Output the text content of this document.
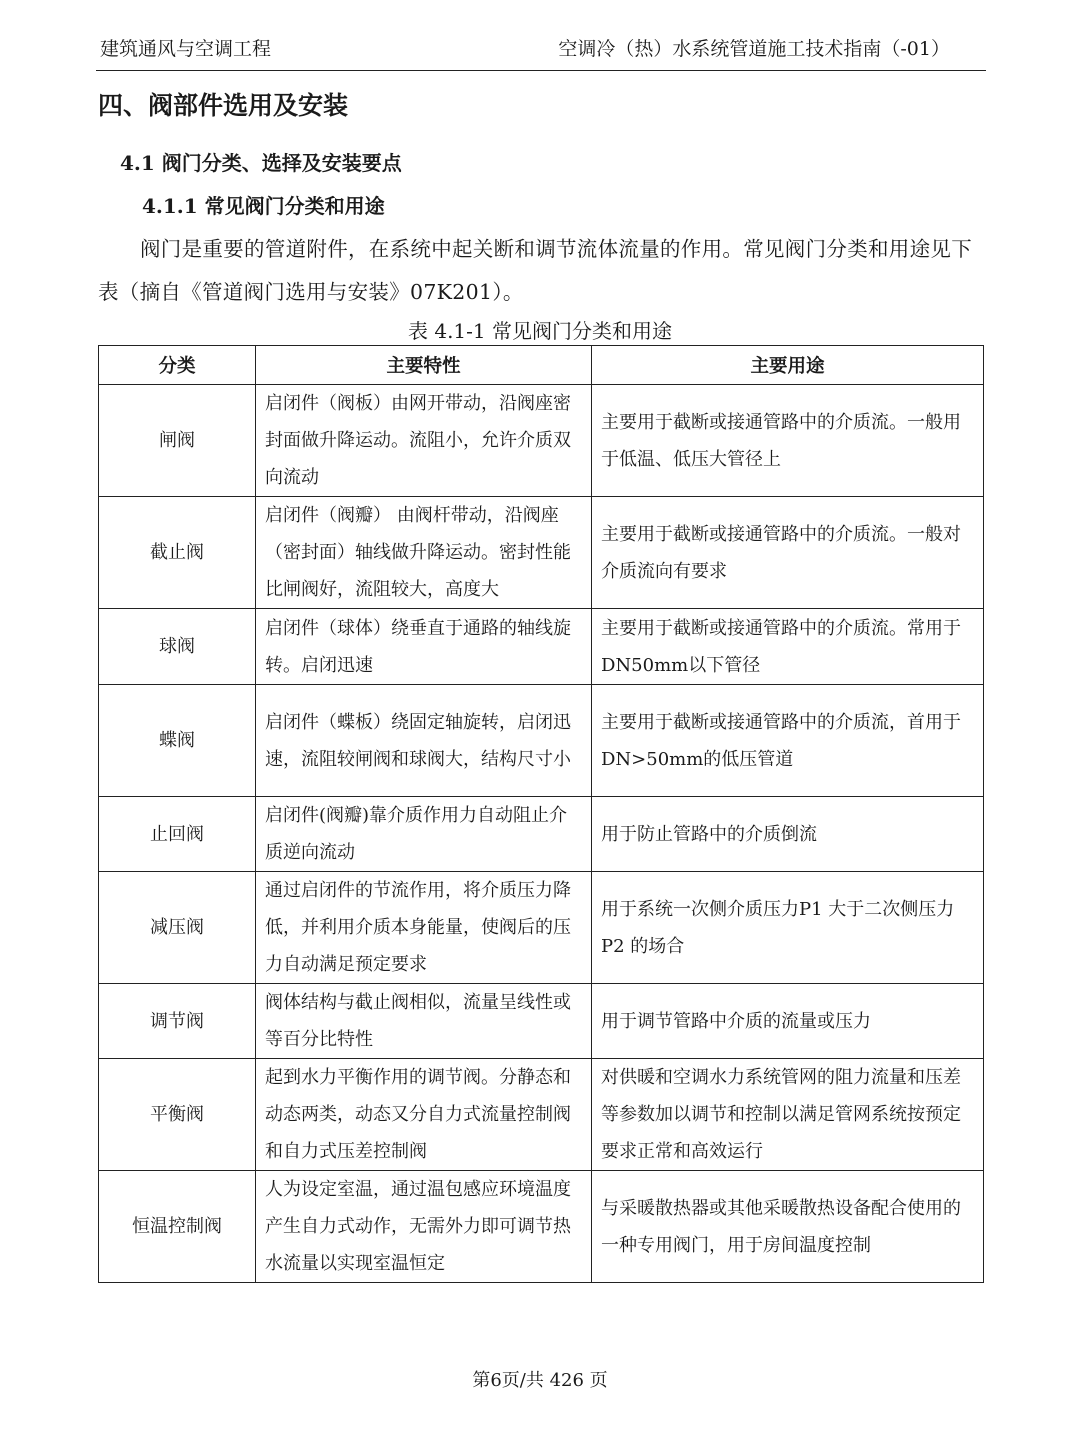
建筑通风与空调工程	空调冷（热）水系统管道施工技术指南（-01）
四、阀部件选用及安装
4.1 阀门分类、选择及安装要点
4.1.1 常见阀门分类和用途

阀门是重要的管道附件，在系统中起关断和调节流体流量的作用。常见阀门分类和用途见下表（摘自《管道阀门选用与安装》07K201）。

表 4.1-1 常见阀门分类和用途
分类	主要特性	主要用途
闸阀	启闭件（阀板）由网开带动，沿阀座密封面做升降运动。流阻小，允许介质双向流动	主要用于截断或接通管路中的介质流。一般用于低温、低压大管径上
截止阀	启闭件（阀瓣） 由阀杆带动，沿阀座（密封面）轴线做升降运动。密封性能比闸阀好，流阻较大，高度大	主要用于截断或接通管路中的介质流。一般对介质流向有要求
球阀	启闭件（球体）绕垂直于通路的轴线旋转。启闭迅速	主要用于截断或接通管路中的介质流。常用于DN50mm以下管径
蝶阀	启闭件（蝶板）绕固定轴旋转，启闭迅速，流阻较闸阀和球阀大，结构尺寸小	主要用于截断或接通管路中的介质流，首用于DN>50mm的低压管道
止回阀	启闭件(阀瓣)靠介质作用力自动阻止介质逆向流动	用于防止管路中的介质倒流
减压阀	通过启闭件的节流作用，将介质压力降低，并利用介质本身能量，使阀后的压力自动满足预定要求	用于系统一次侧介质压力P1 大于二次侧压力P2 的场合
调节阀	阀体结构与截止阀相似，流量呈线性或等百分比特性	用于调节管路中介质的流量或压力
平衡阀	起到水力平衡作用的调节阀。分静态和动态两类，动态又分自力式流量控制阀和自力式压差控制阀	对供暖和空调水力系统管网的阻力流量和压差等参数加以调节和控制以满足管网系统按预定要求正常和高效运行
恒温控制阀	人为设定室温，通过温包感应环境温度产生自力式动作，无需外力即可调节热水流量以实现室温恒定	与采暖散热器或其他采暖散热设备配合使用的一种专用阀门，用于房间温度控制
第6页/共 426 页
